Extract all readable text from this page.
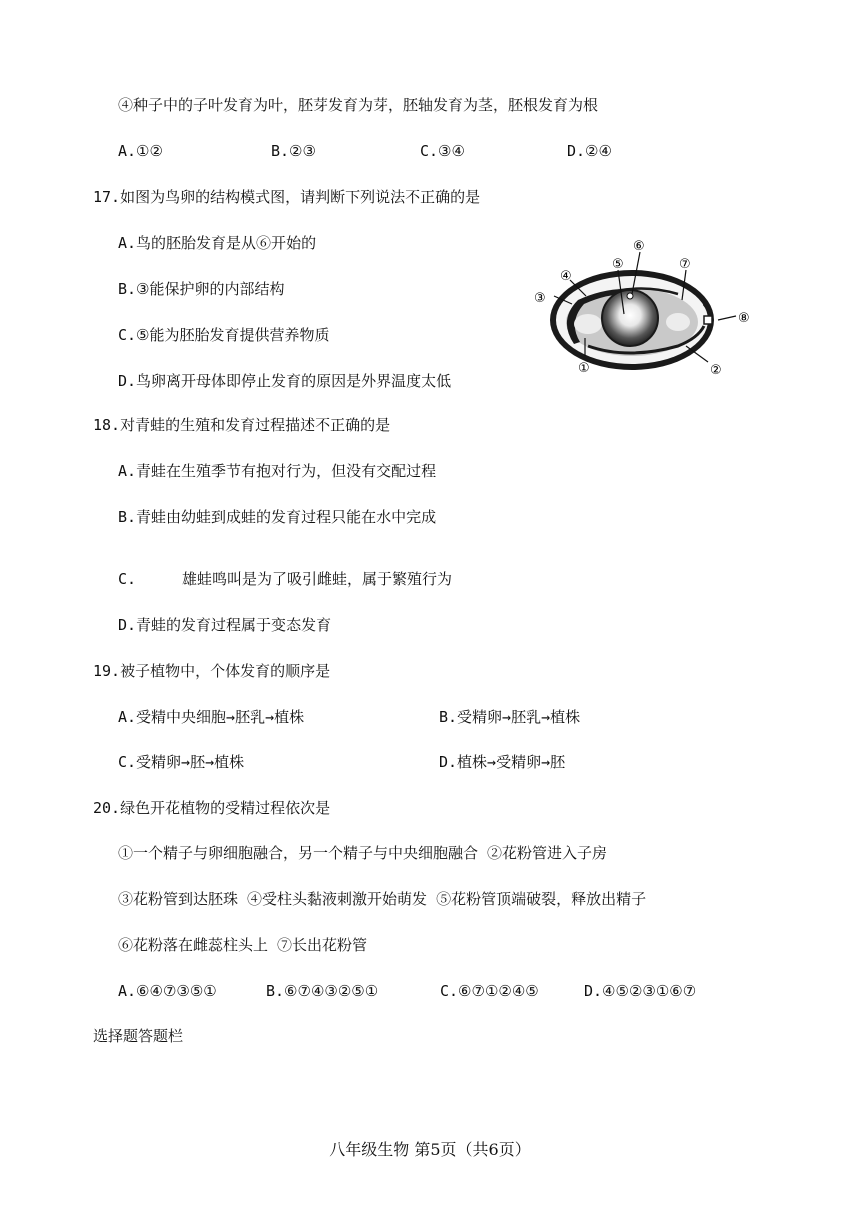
④种子中的子叶发育为叶，胚芽发育为芽，胚轴发育为茎，胚根发育为根
A.①②	B.②③	C.③④	D.②④
17.如图为鸟卵的结构模式图，请判断下列说法不正确的是
A.鸟的胚胎发育是从⑥开始的
B.③能保护卵的内部结构
C.⑤能为胚胎发育提供营养物质
D.鸟卵离开母体即停止发育的原因是外界温度太低
①	②
③
④
⑤
⑥
⑦
⑧
18.对青蛙的生殖和发育过程描述不正确的是
A.青蛙在生殖季节有抱对行为，但没有交配过程
B.青蛙由幼蛙到成蛙的发育过程只能在水中完成
C.	雄蛙鸣叫是为了吸引雌蛙，属于繁殖行为
D.青蛙的发育过程属于变态发育
19.被子植物中，个体发育的顺序是
A.受精中央细胞→胚乳→植株	B.受精卵→胚乳→植株
C.受精卵→胚→植株	D.植株→受精卵→胚
20.绿色开花植物的受精过程依次是
①一个精子与卵细胞融合，另一个精子与中央细胞融合 ②花粉管进入子房
③花粉管到达胚珠 ④受柱头黏液刺激开始萌发 ⑤花粉管顶端破裂，释放出精子
⑥花粉落在雌蕊柱头上 ⑦长出花粉管
A.⑥④⑦③⑤①	B.⑥⑦④③②⑤①	C.⑥⑦①②④⑤	D.④⑤②③①⑥⑦
选择题答题栏
八年级生物 第5页（共6页）
